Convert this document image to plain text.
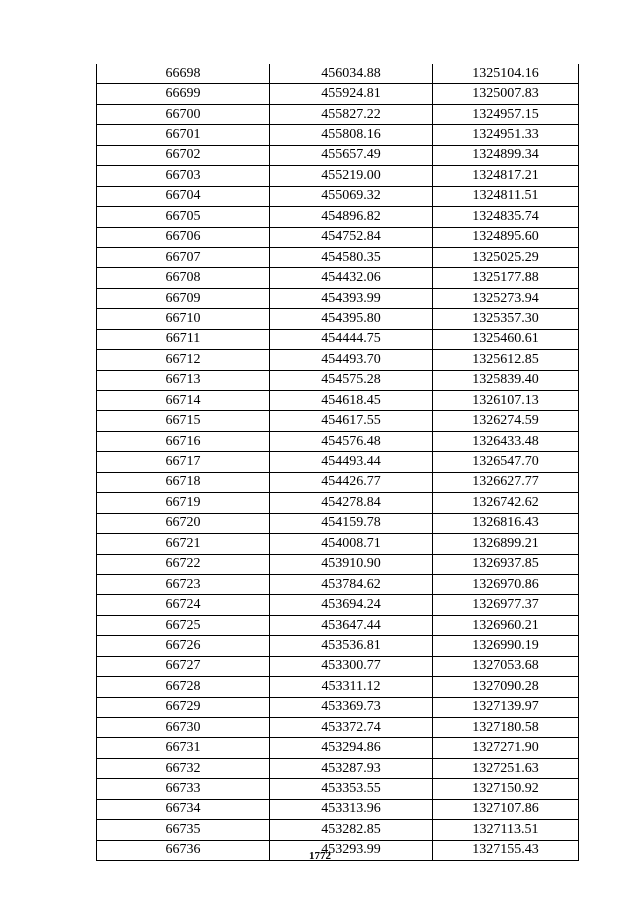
66698	456034.88	1325104.16
66699	455924.81	1325007.83
66700	455827.22	1324957.15
66701	455808.16	1324951.33
66702	455657.49	1324899.34
66703	455219.00	1324817.21
66704	455069.32	1324811.51
66705	454896.82	1324835.74
66706	454752.84	1324895.60
66707	454580.35	1325025.29
66708	454432.06	1325177.88
66709	454393.99	1325273.94
66710	454395.80	1325357.30
66711	454444.75	1325460.61
66712	454493.70	1325612.85
66713	454575.28	1325839.40
66714	454618.45	1326107.13
66715	454617.55	1326274.59
66716	454576.48	1326433.48
66717	454493.44	1326547.70
66718	454426.77	1326627.77
66719	454278.84	1326742.62
66720	454159.78	1326816.43
66721	454008.71	1326899.21
66722	453910.90	1326937.85
66723	453784.62	1326970.86
66724	453694.24	1326977.37
66725	453647.44	1326960.21
66726	453536.81	1326990.19
66727	453300.77	1327053.68
66728	453311.12	1327090.28
66729	453369.73	1327139.97
66730	453372.74	1327180.58
66731	453294.86	1327271.90
66732	453287.93	1327251.63
66733	453353.55	1327150.92
66734	453313.96	1327107.86
66735	453282.85	1327113.51
66736	453293.99	1327155.43
1772
